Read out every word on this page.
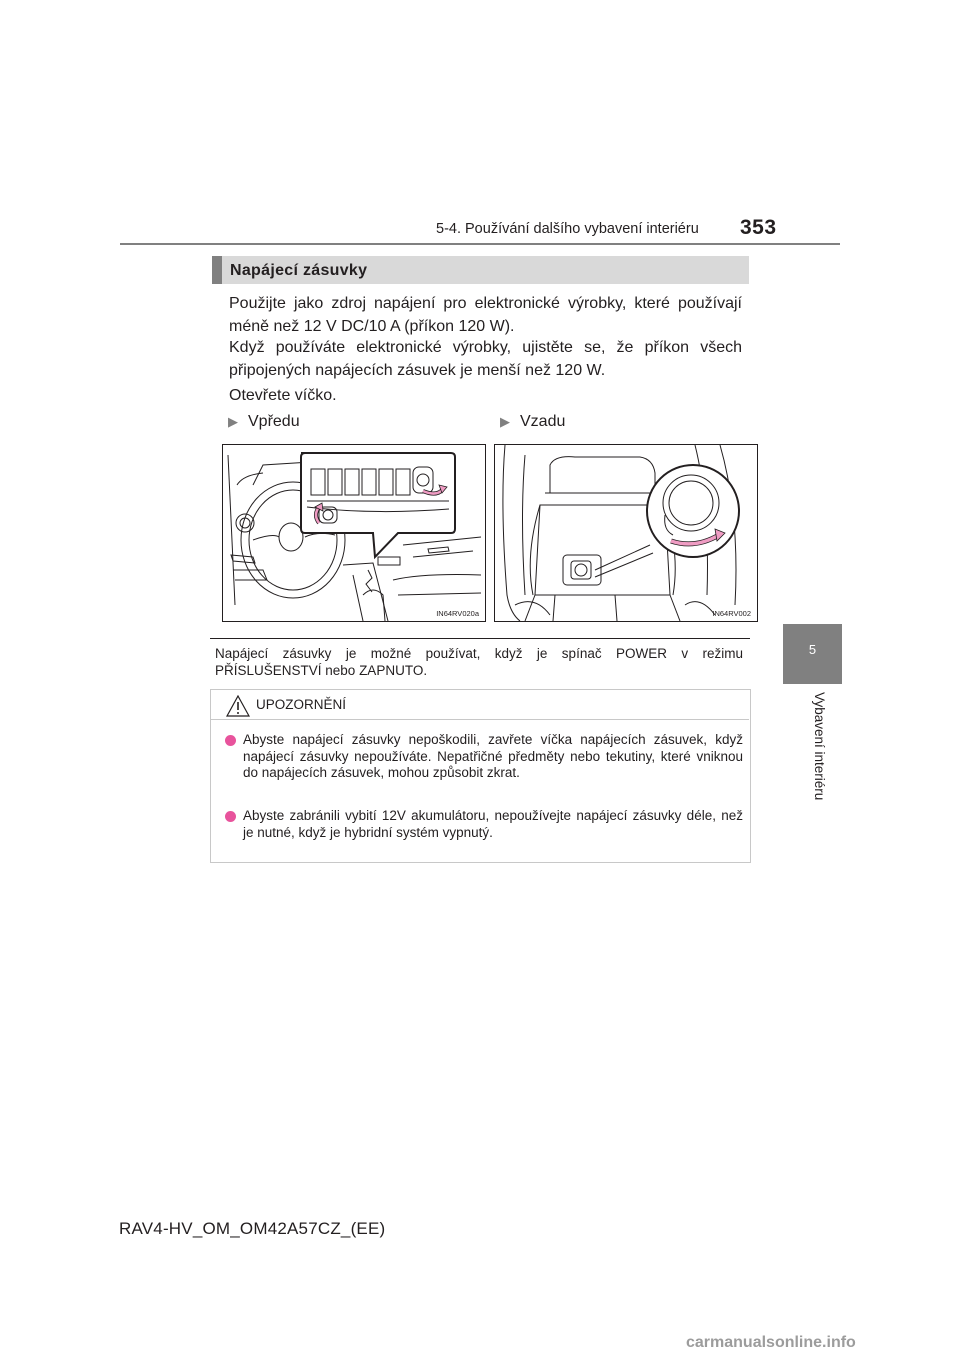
5-4. Používání dalšího vybavení interiéru 353
5
Vybavení interiéru
Napájecí zásuvky
Použijte jako zdroj napájení pro elektronické výrobky, které používají méně než 12 V DC/10 A (příkon 120 W).
Když používáte elektronické výrobky, ujistěte se, že příkon všech připojených napájecích zásuvek je menší než 120 W.
Otevřete víčko.
▶ Vpředu	▶ Vzadu
IN64RV020a	IN64RV002
Napájecí zásuvky je možné používat, když je spínač POWER v režimu PŘÍSLUŠENSTVÍ nebo ZAPNUTO.
UPOZORNĚNÍ
Abyste napájecí zásuvky nepoškodili, zavřete víčka napájecích zásuvek, když napájecí zásuvky nepoužíváte. Nepatřičné předměty nebo tekutiny, které vniknou do napájecích zásuvek, mohou způsobit zkrat.
Abyste zabránili vybití 12V akumulátoru, nepoužívejte napájecí zásuvky déle, než je nutné, když je hybridní systém vypnutý.
RAV4-HV_OM_OM42A57CZ_(EE)
carmanualsonline.info
